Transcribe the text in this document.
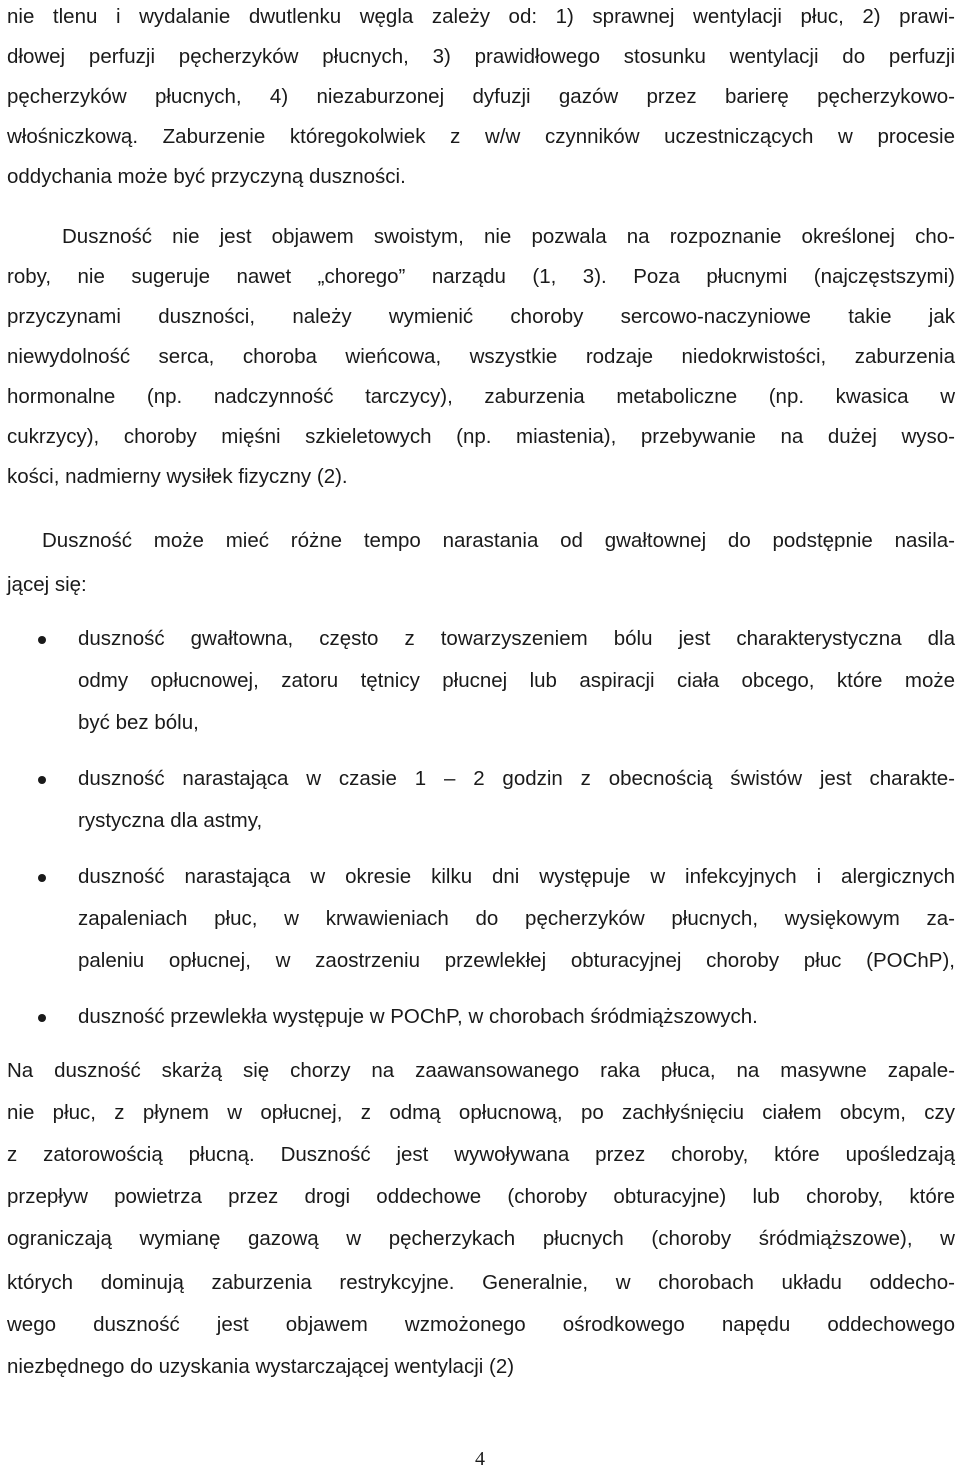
nie tlenu i wydalanie dwutlenku węgla zależy od: 1) sprawnej wentylacji płuc, 2) prawi-
dłowej perfuzji pęcherzyków płucnych, 3) prawidłowego stosunku wentylacji do perfuzji
pęcherzyków płucnych, 4) niezaburzonej dyfuzji gazów przez barierę pęcherzykowo-
włośniczkową. Zaburzenie któregokolwiek z w/w czynników uczestniczących w procesie
oddychania może być przyczyną duszności.
Duszność nie jest objawem swoistym, nie pozwala na rozpoznanie określonej cho-
roby, nie sugeruje nawet „chorego” narządu (1, 3). Poza płucnymi (najczęstszymi)
przyczynami duszności, należy wymienić choroby sercowo-naczyniowe takie jak
niewydolność serca, choroba wieńcowa, wszystkie rodzaje niedokrwistości, zaburzenia
hormonalne (np. nadczynność tarczycy), zaburzenia metaboliczne (np. kwasica w
cukrzycy), choroby mięśni szkieletowych (np. miastenia), przebywanie na dużej wyso-
kości, nadmierny wysiłek fizyczny (2).
Duszność może mieć różne tempo narastania od gwałtownej do podstępnie nasila-
jącej się:
duszność gwałtowna, często z towarzyszeniem bólu jest charakterystyczna dla
odmy opłucnowej, zatoru tętnicy płucnej lub aspiracji ciała obcego, które może
być bez bólu,
duszność narastająca w czasie 1 – 2 godzin z obecnością świstów jest charakte-
rystyczna dla astmy,
duszność narastająca w okresie kilku dni występuje w infekcyjnych i alergicznych
zapaleniach płuc, w krwawieniach do pęcherzyków płucnych, wysiękowym za-
paleniu opłucnej, w zaostrzeniu przewlekłej obturacyjnej choroby płuc (POChP),
duszność przewlekła występuje w POChP, w chorobach śródmiąższowych.
Na duszność skarżą się chorzy na zaawansowanego raka płuca, na masywne zapale-
nie płuc, z płynem w opłucnej, z odmą opłucnową, po zachłyśnięciu ciałem obcym, czy
z zatorowością płucną. Duszność jest wywoływana przez choroby, które upośledzają
przepływ powietrza przez drogi oddechowe (choroby obturacyjne) lub choroby, które
ograniczają wymianę gazową w pęcherzykach płucnych (choroby śródmiąższowe), w
których dominują zaburzenia restrykcyjne. Generalnie, w chorobach układu oddecho-
wego duszność jest objawem wzmożonego ośrodkowego napędu oddechowego
niezbędnego do uzyskania wystarczającej wentylacji (2)
4
